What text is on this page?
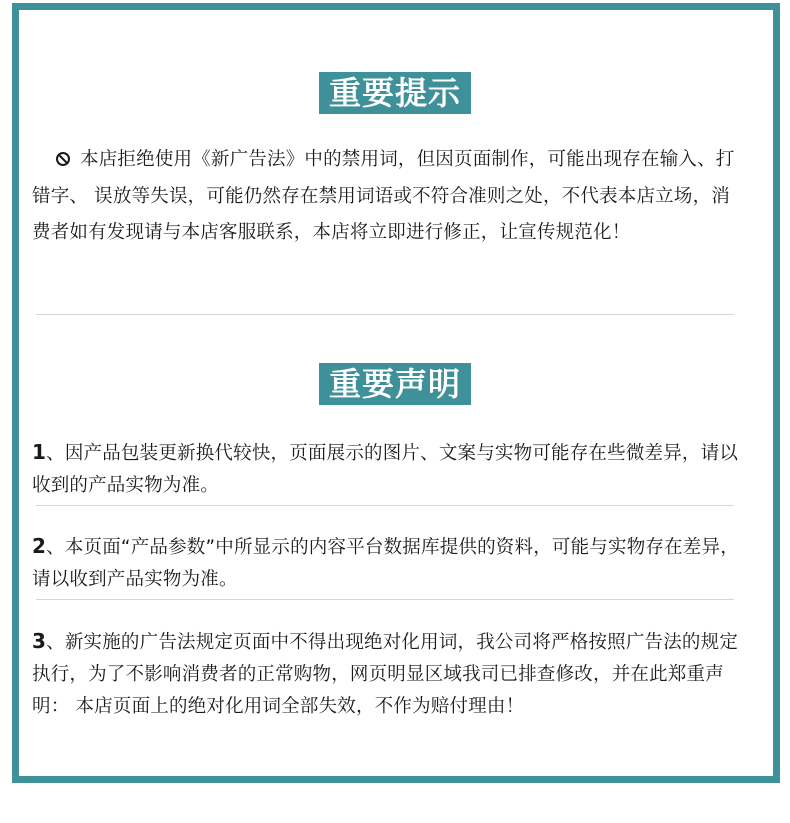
重要提示
本店拒绝使用《新广告法》中的禁用词，但因页面制作，可能出现存在输入、打错字、 误放等失误，可能仍然存在禁用词语或不符合准则之处，不代表本店立场，消费者如有发现请与本店客服联系，本店将立即进行修正，让宣传规范化！
重要声明
1、因产品包装更新换代较快，页面展示的图片、文案与实物可能存在些微差异，请以收到的产品实物为准。
2、本页面“产品参数”中所显示的内容平台数据库提供的资料，可能与实物存在差异， 请以收到产品实物为准。
3、新实施的广告法规定页面中不得出现绝对化用词，我公司将严格按照广告法的规定执行，为了不影响消费者的正常购物，网页明显区域我司已排查修改，并在此郑重声明： 本店页面上的绝对化用词全部失效，不作为赔付理由！
